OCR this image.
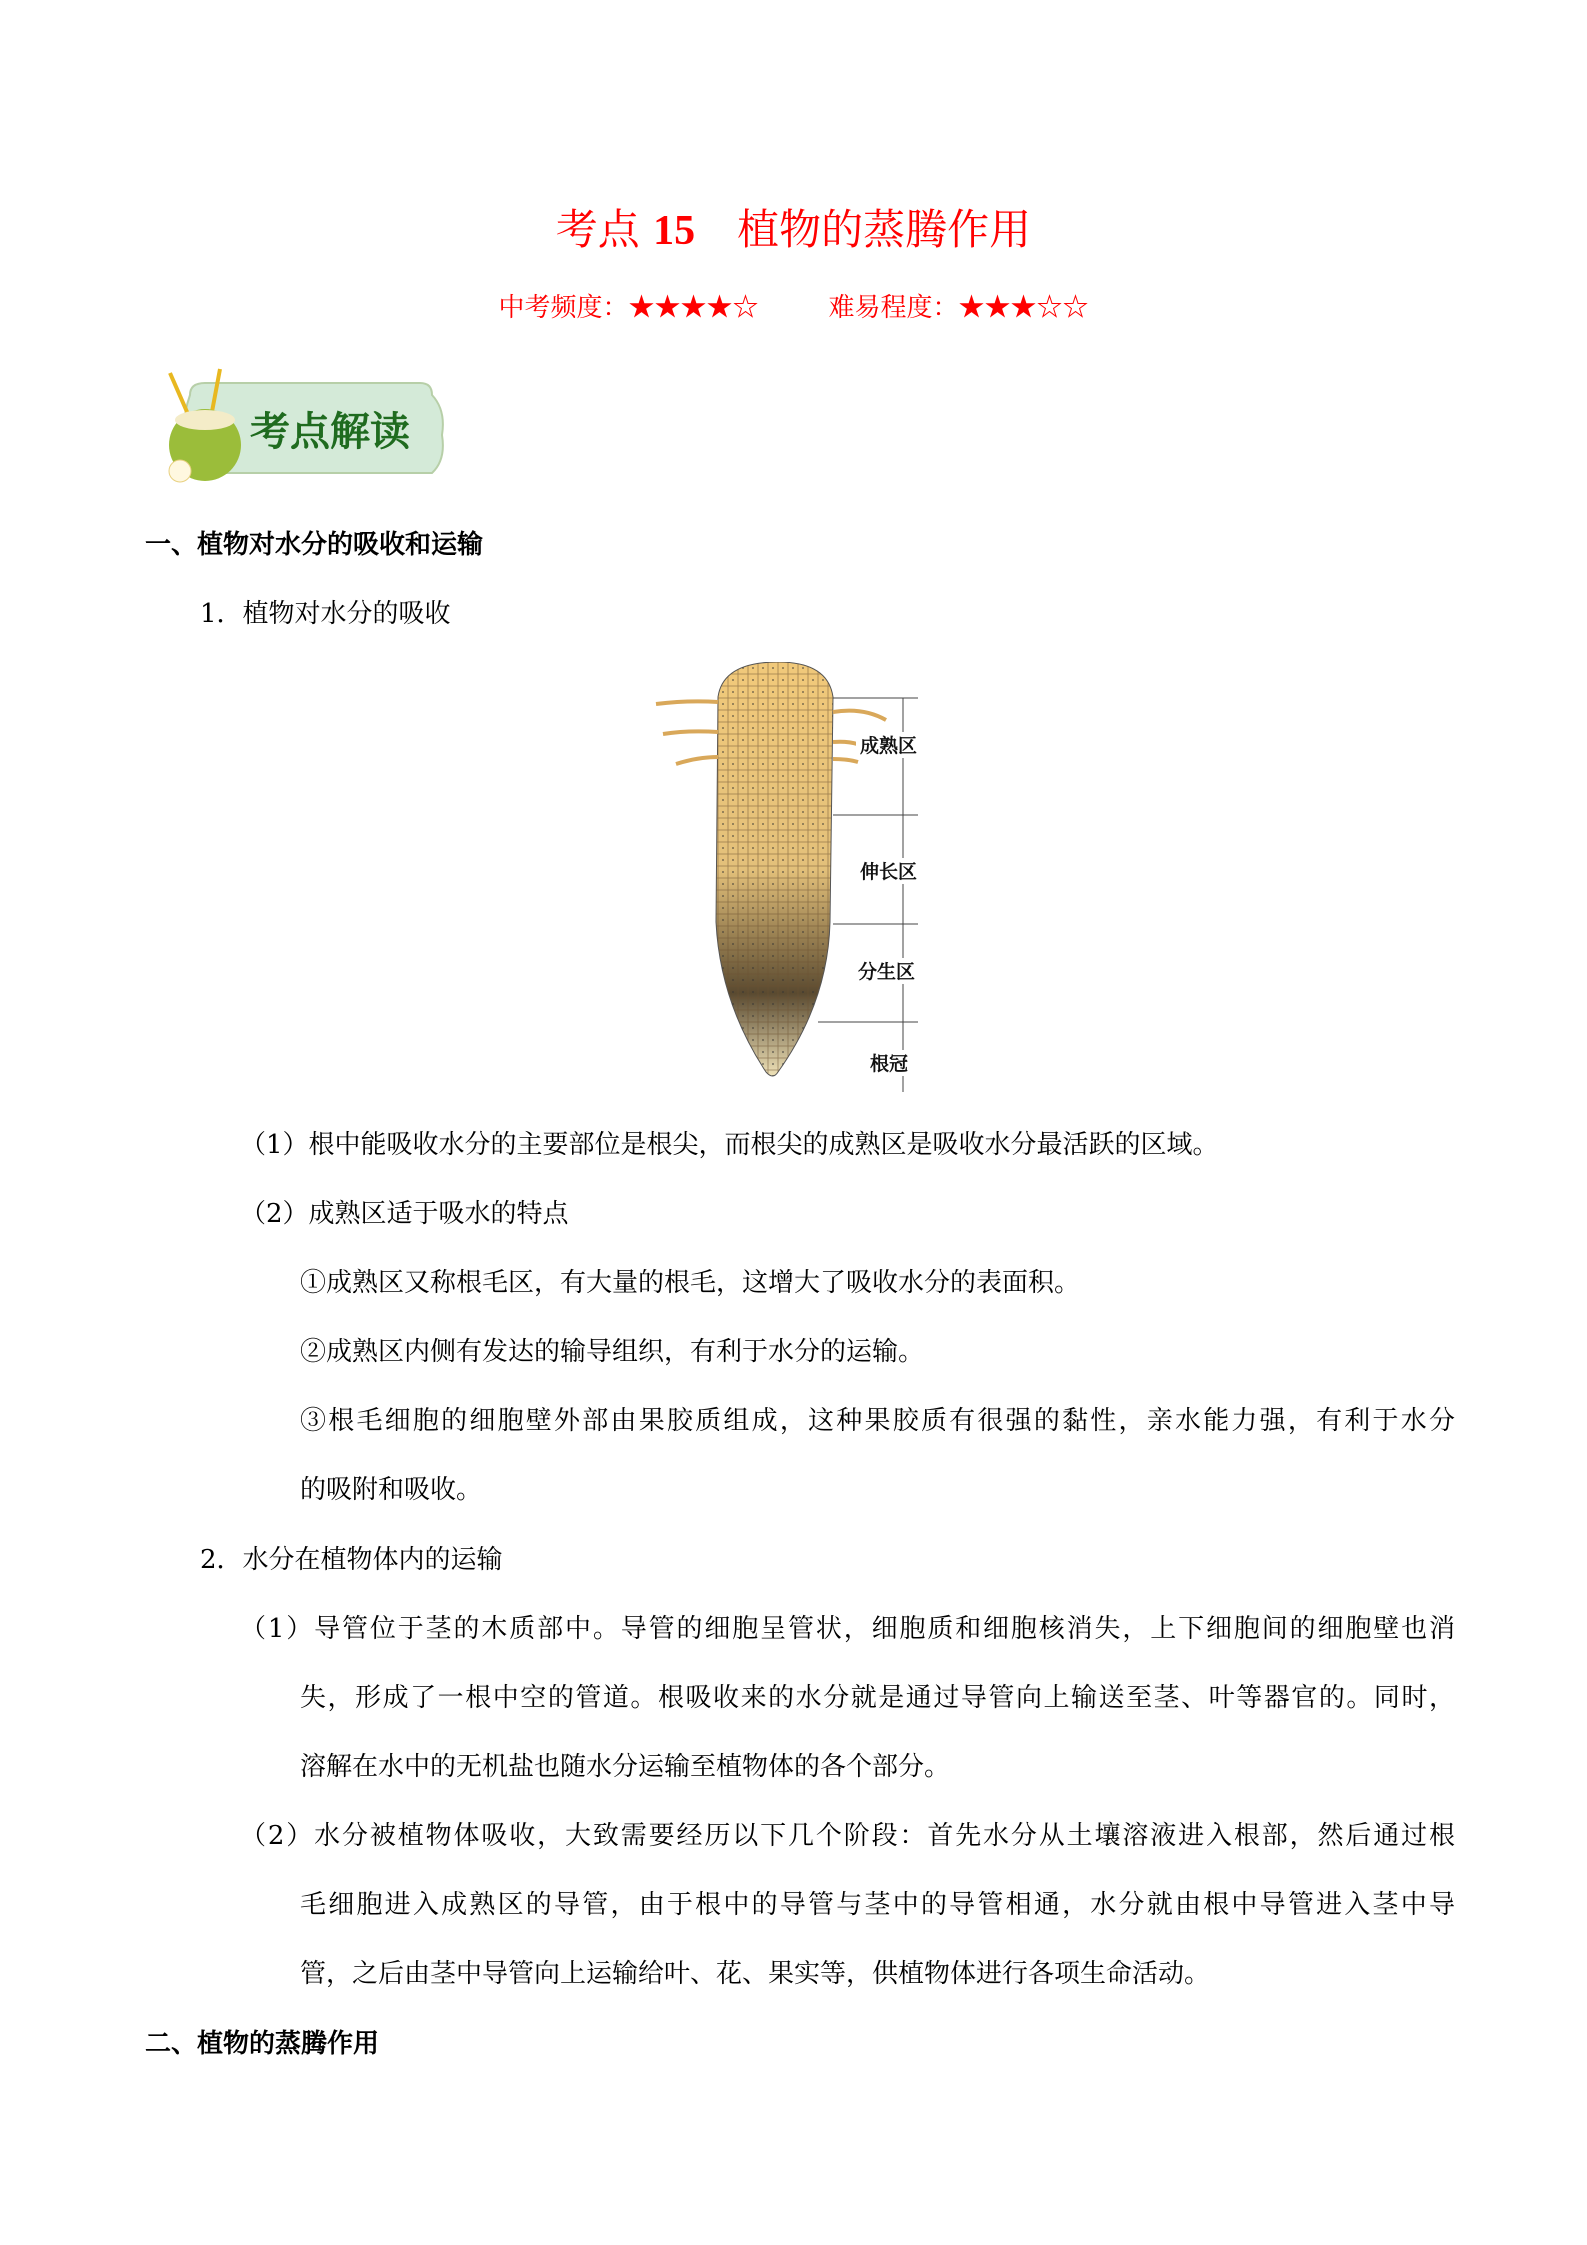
考点 15  植物的蒸腾作用
中考频度：★★★★☆	难易程度：★★★☆☆
考点解读
一、植物对水分的吸收和运输
1．植物对水分的吸收
成熟区
伸长区
分生区
根冠
（1）根中能吸收水分的主要部位是根尖，而根尖的成熟区是吸收水分最活跃的区域。
（2）成熟区适于吸水的特点
①成熟区又称根毛区，有大量的根毛，这增大了吸收水分的表面积。
②成熟区内侧有发达的输导组织，有利于水分的运输。
③根毛细胞的细胞壁外部由果胶质组成，这种果胶质有很强的黏性，亲水能力强，有利于水分
的吸附和吸收。
2．水分在植物体内的运输
（1）导管位于茎的木质部中。导管的细胞呈管状，细胞质和细胞核消失，上下细胞间的细胞壁也消
失，形成了一根中空的管道。根吸收来的水分就是通过导管向上输送至茎、叶等器官的。同时，
溶解在水中的无机盐也随水分运输至植物体的各个部分。
（2）水分被植物体吸收，大致需要经历以下几个阶段：首先水分从土壤溶液进入根部，然后通过根
毛细胞进入成熟区的导管，由于根中的导管与茎中的导管相通，水分就由根中导管进入茎中导
管，之后由茎中导管向上运输给叶、花、果实等，供植物体进行各项生命活动。
二、植物的蒸腾作用
